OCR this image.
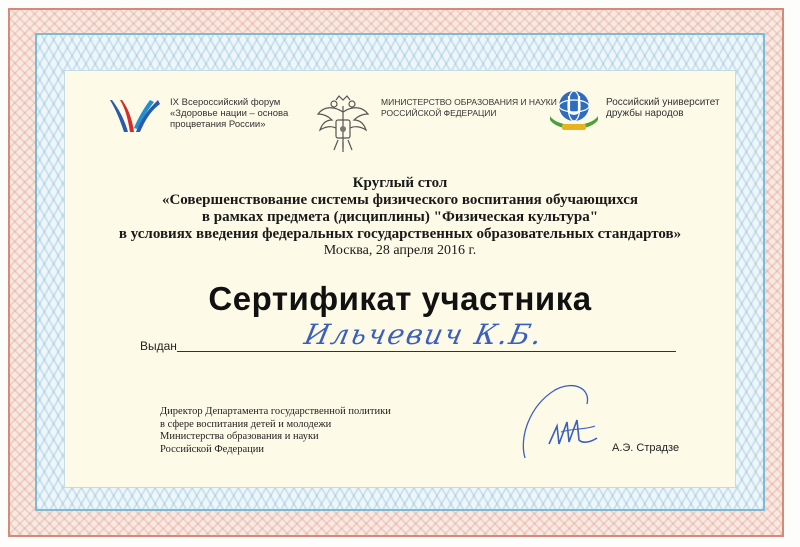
IX Всероссийский форум
«Здоровье нации – основа
процветания России»
МИНИСТЕРСТВО ОБРАЗОВАНИЯ И НАУКИ
РОССИЙСКОЙ ФЕДЕРАЦИИ
Российский университет
дружбы народов
Круглый стол
«Совершенствование системы физического воспитания обучающихся
в рамках предмета (дисциплины) "Физическая культура"
в условиях введения федеральных государственных образовательных стандартов»
Москва, 28 апреля 2016 г.
Сертификат участника
Выдан	Ильчевич К.Б.
Директор Департамента государственной политики
в сфере воспитания детей и молодежи
Министерства образования и науки
Российской Федерации	А.Э. Страдзе
